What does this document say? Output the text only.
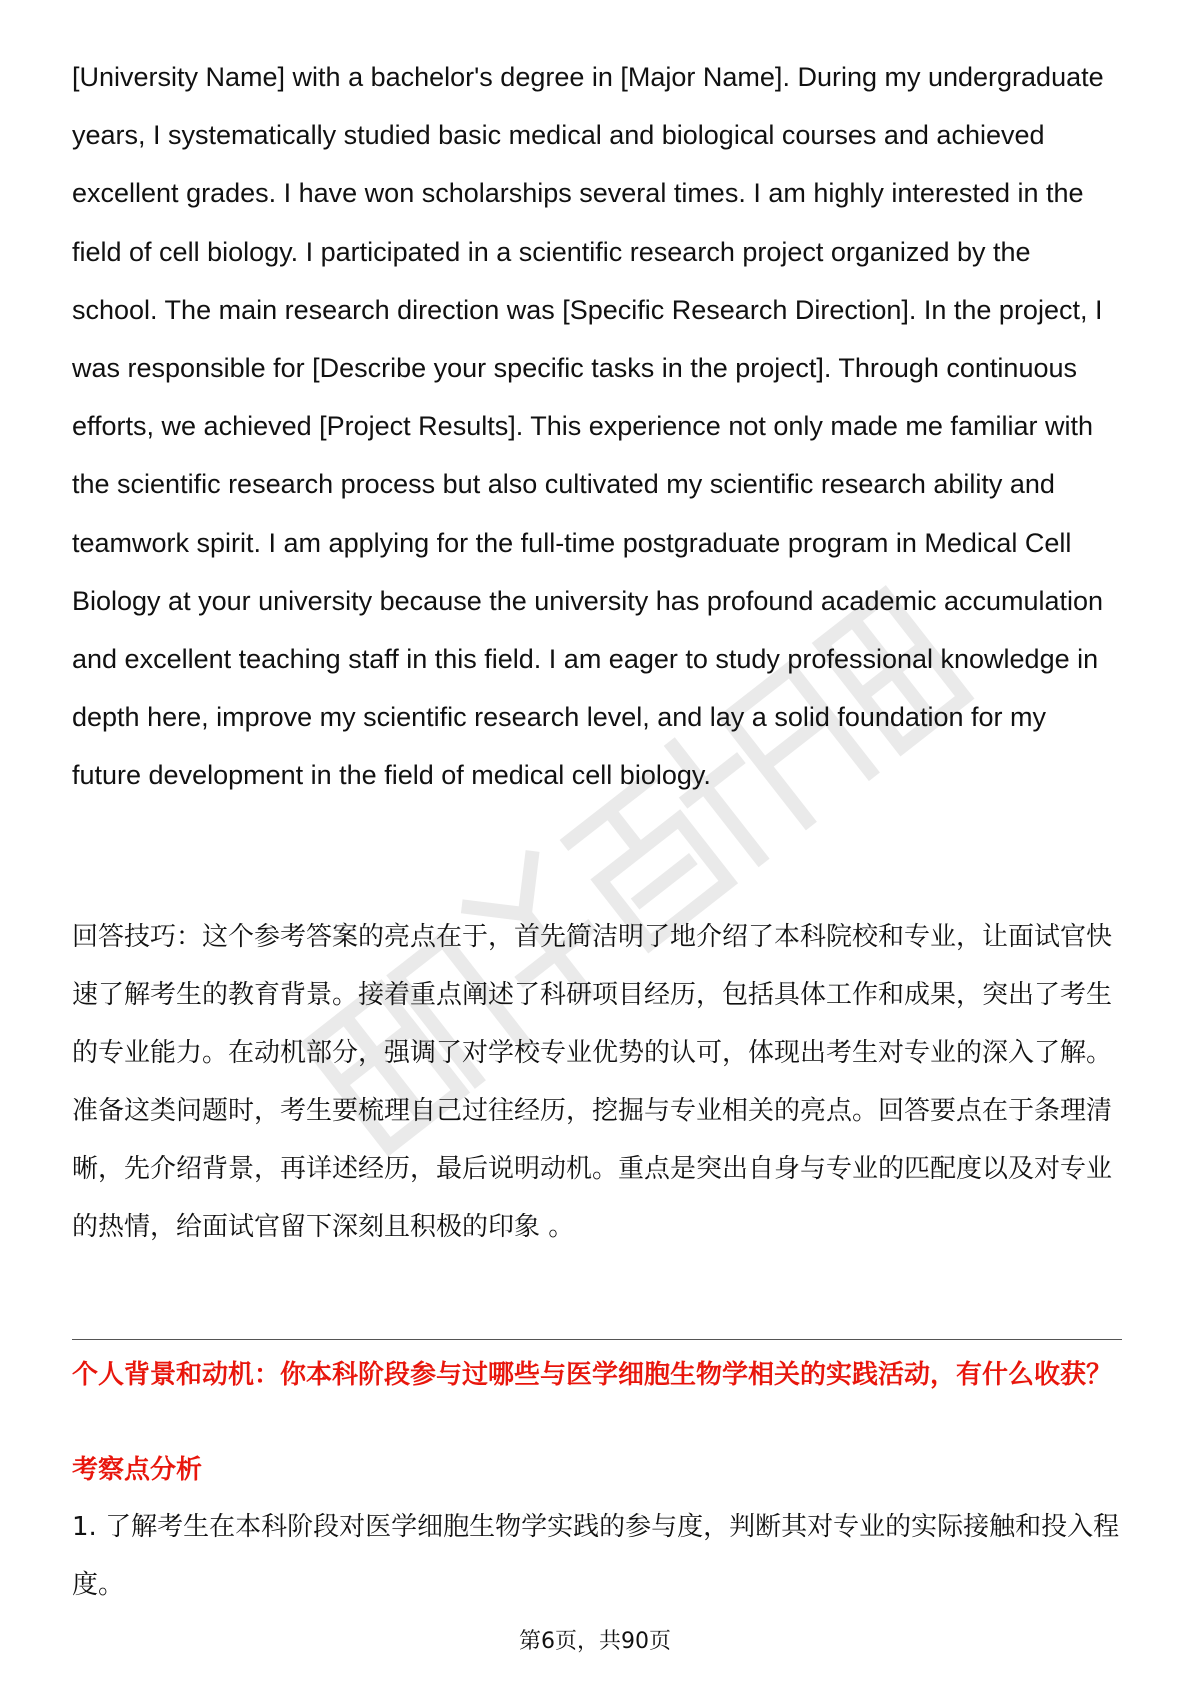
[University Name] with a bachelor's degree in [Major Name]. During my undergraduate years, I systematically studied basic medical and biological courses and achieved excellent grades. I have won scholarships several times. I am highly interested in the field of cell biology. I participated in a scientific research project organized by the school. The main research direction was [Specific Research Direction]. In the project, I was responsible for [Describe your specific tasks in the project]. Through continuous efforts, we achieved [Project Results]. This experience not only made me familiar with the scientific research process but also cultivated my scientific research ability and teamwork spirit. I am applying for the full-time postgraduate program in Medical Cell Biology at your university because the university has profound academic accumulation and excellent teaching staff in this field. I am eager to study professional knowledge in depth here, improve my scientific research level, and lay a solid foundation for my future development in the field of medical cell biology.

回答技巧：这个参考答案的亮点在于，首先简洁明了地介绍了本科院校和专业，让面试官快速了解考生的教育背景。接着重点阐述了科研项目经历，包括具体工作和成果，突出了考生的专业能力。在动机部分，强调了对学校专业优势的认可，体现出考生对专业的深入了解。准备这类问题时，考生要梳理自己过往经历，挖掘与专业相关的亮点。回答要点在于条理清晰，先介绍背景，再详述经历，最后说明动机。重点是突出自身与专业的匹配度以及对专业的热情，给面试官留下深刻且积极的印象 。

个人背景和动机：你本科阶段参与过哪些与医学细胞生物学相关的实践活动，有什么收获？

考察点分析

1. 了解考生在本科阶段对医学细胞生物学实践的参与度，判断其对专业的实际接触和投入程度。

第6页，共90页
